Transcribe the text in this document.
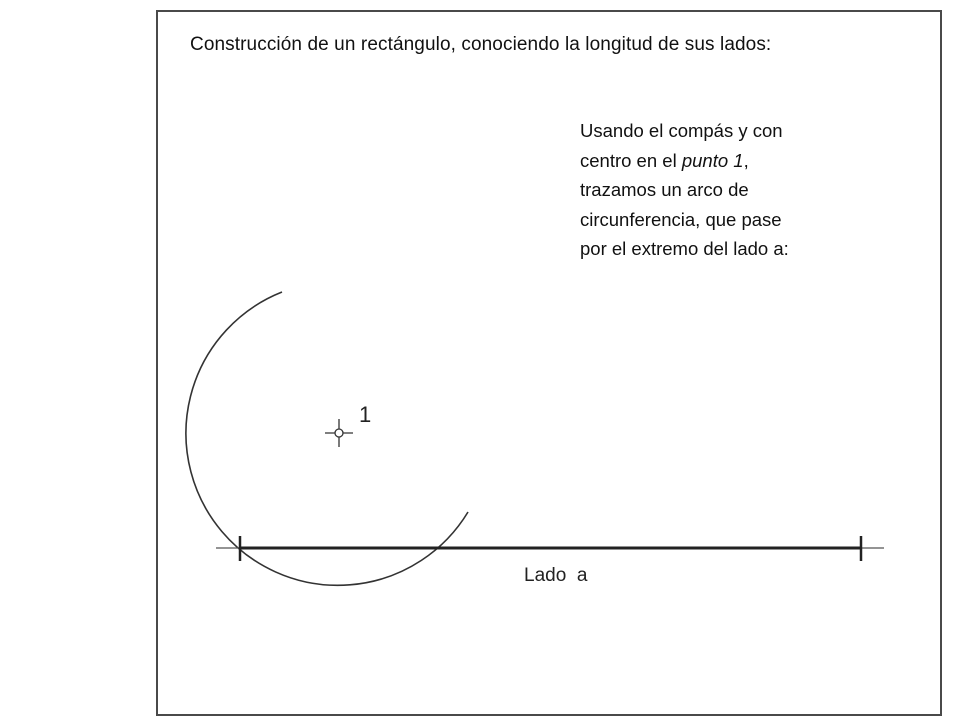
Construcción de un rectángulo, conociendo la longitud de sus lados:
Usando el compás y con
centro en el punto 1,
trazamos un arco de
circunferencia, que pase
por el extremo del lado a:
1
Lado  a
